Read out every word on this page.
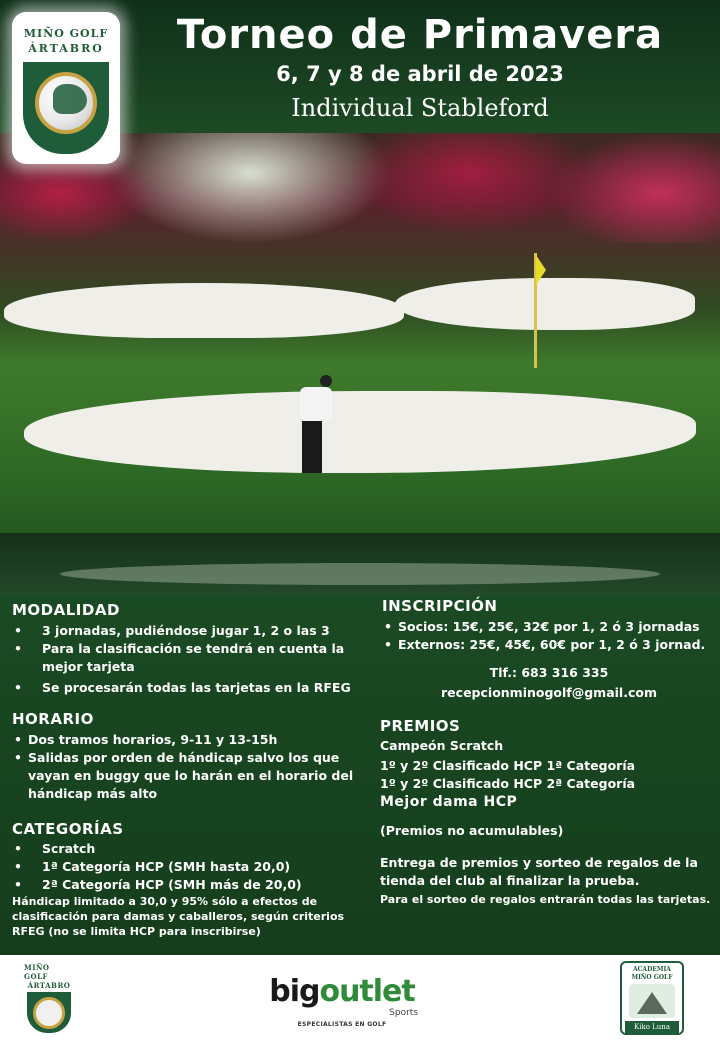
Torneo de Primavera
6, 7 y 8 de abril de 2023
Individual Stableford
MIÑO GOLF
ÁRTABRO
MODALIDAD
• 3 jornadas, pudiéndose jugar 1, 2 o las 3
• Para la clasificación se tendrá en cuenta la mejor tarjeta
• Se procesarán todas las tarjetas en la RFEG
HORARIO
• Dos tramos horarios, 9-11 y 13-15h
• Salidas por orden de hándicap salvo los que vayan en buggy que lo harán en el horario del hándicap más alto
CATEGORÍAS
• Scratch
• 1ª Categoría HCP (SMH hasta 20,0)
• 2ª Categoría HCP (SMH más de 20,0)
Hándicap limitado a 30,0 y 95% sólo a efectos de clasificación para damas y caballeros, según criterios RFEG (no se limita HCP para inscribirse)
INSCRIPCIÓN
• Socios: 15€, 25€, 32€ por 1, 2 ó 3 jornadas
• Externos: 25€, 45€, 60€ por 1, 2 ó 3 jornad.
Tlf.: 683 316 335
recepcionminogolf@gmail.com
PREMIOS
Campeón Scratch
1º y 2º Clasificado HCP 1ª Categoría
1º y 2º Clasificado HCP 2ª Categoría
Mejor dama HCP
(Premios no acumulables)
Entrega de premios y sorteo de regalos de la tienda del club al finalizar la prueba.
Para el sorteo de regalos entrarán todas las tarjetas.
MIÑO GOLF
ÁRTABRO	bigoutlet
Sports
ESPECIALISTAS EN GOLF
ACADEMIA
MIÑO GOLF
Kiko Luna
